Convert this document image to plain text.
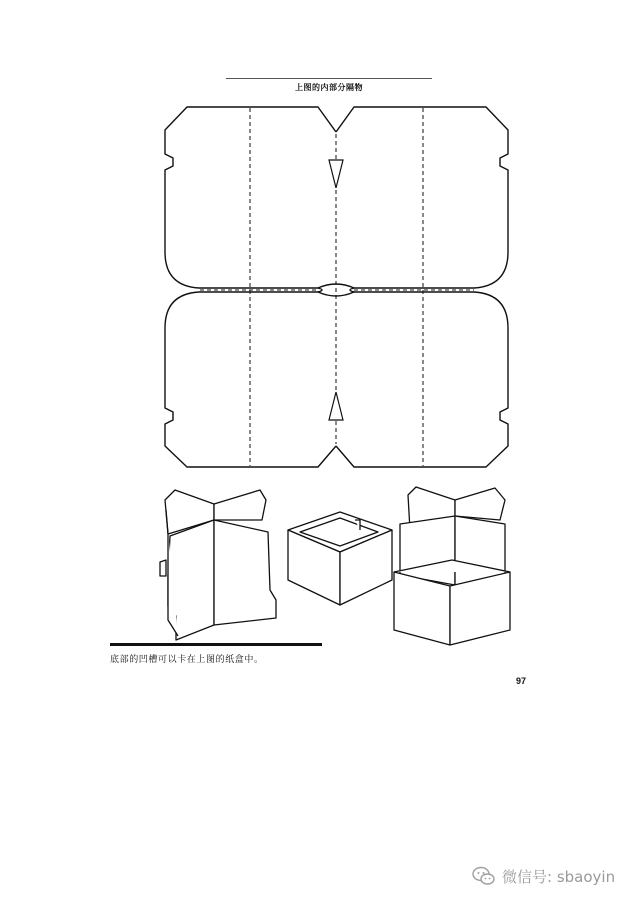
上图的内部分隔物
底部的凹槽可以卡在上图的纸盒中。
97
微信号: sbaoyin
